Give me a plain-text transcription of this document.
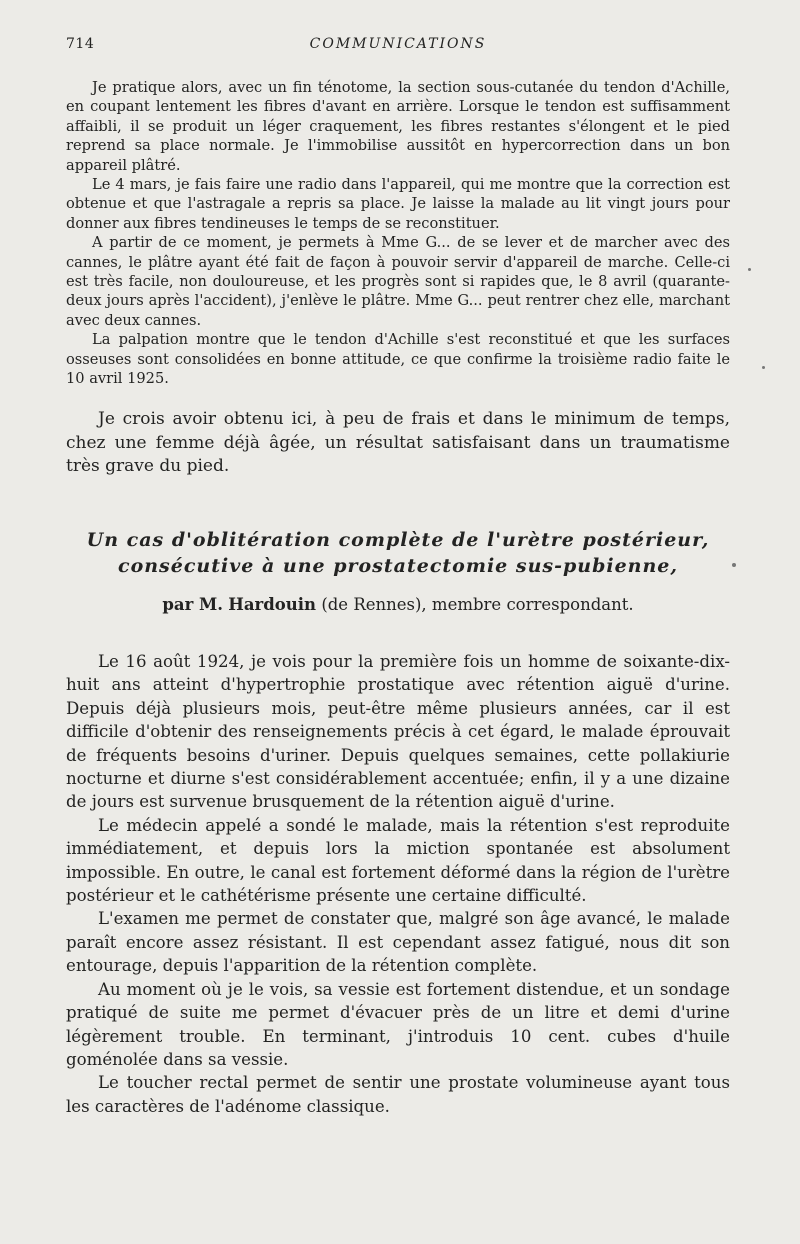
714	COMMUNICATIONS

Je pratique alors, avec un fin ténotome, la section sous-cutanée du tendon d'Achille, en coupant lentement les fibres d'avant en arrière. Lorsque le tendon est suffisamment affaibli, il se produit un léger craquement, les fibres restantes s'élongent et le pied reprend sa place normale. Je l'immobilise aussitôt en hypercorrection dans un bon appareil plâtré.

Le 4 mars, je fais faire une radio dans l'appareil, qui me montre que la correction est obtenue et que l'astragale a repris sa place. Je laisse la malade au lit vingt jours pour donner aux fibres tendineuses le temps de se reconstituer.

A partir de ce moment, je permets à Mme G... de se lever et de marcher avec des cannes, le plâtre ayant été fait de façon à pouvoir servir d'appareil de marche. Celle-ci est très facile, non douloureuse, et les progrès sont si rapides que, le 8 avril (quarante-deux jours après l'accident), j'enlève le plâtre. Mme G... peut rentrer chez elle, marchant avec deux cannes.

La palpation montre que le tendon d'Achille s'est reconstitué et que les surfaces osseuses sont consolidées en bonne attitude, ce que confirme la troisième radio faite le 10 avril 1925.

Je crois avoir obtenu ici, à peu de frais et dans le minimum de temps, chez une femme déjà âgée, un résultat satisfaisant dans un traumatisme très grave du pied.

Un cas d'oblitération complète de l'urètre postérieur,
consécutive à une prostatectomie sus-pubienne,
par M. Hardouin (de Rennes), membre correspondant.

Le 16 août 1924, je vois pour la première fois un homme de soixante-dix-huit ans atteint d'hypertrophie prostatique avec rétention aiguë d'urine. Depuis déjà plusieurs mois, peut-être même plusieurs années, car il est difficile d'obtenir des renseignements précis à cet égard, le malade éprouvait de fréquents besoins d'uriner. Depuis quelques semaines, cette pollakiurie nocturne et diurne s'est considérablement accentuée; enfin, il y a une dizaine de jours est survenue brusquement de la rétention aiguë d'urine.

Le médecin appelé a sondé le malade, mais la rétention s'est reproduite immédiatement, et depuis lors la miction spontanée est absolument impossible. En outre, le canal est fortement déformé dans la région de l'urètre postérieur et le cathétérisme présente une certaine difficulté.

L'examen me permet de constater que, malgré son âge avancé, le malade paraît encore assez résistant. Il est cependant assez fatigué, nous dit son entourage, depuis l'apparition de la rétention complète.

Au moment où je le vois, sa vessie est fortement distendue, et un sondage pratiqué de suite me permet d'évacuer près de un litre et demi d'urine légèrement trouble. En terminant, j'introduis 10 cent. cubes d'huile goménolée dans sa vessie.

Le toucher rectal permet de sentir une prostate volumineuse ayant tous les caractères de l'adénome classique.
